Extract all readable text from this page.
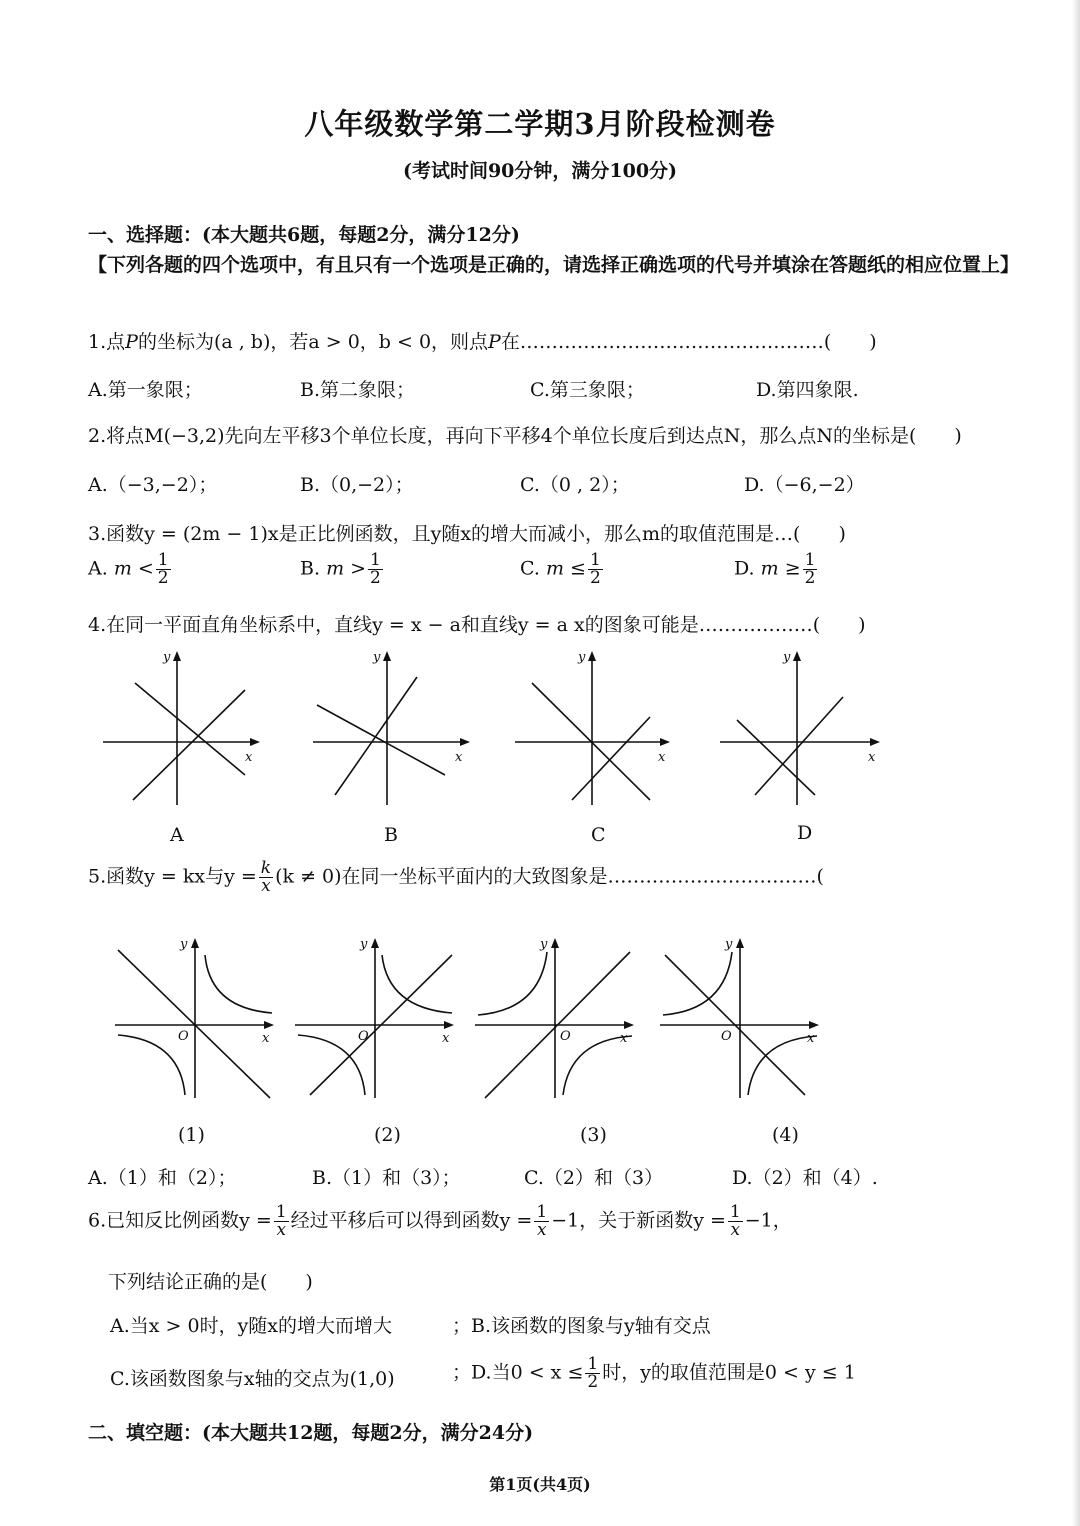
八年级数学第二学期3月阶段检测卷
(考试时间90分钟，满分100分)
一、选择题：(本大题共6题，每题2分，满分12分)
【下列各题的四个选项中，有且只有一个选项是正确的，请选择正确选项的代号并填涂在答题纸的相应位置上】
1.点P的坐标为(a , b)，若a > 0，b < 0，则点P在…………………………………………(　　)
A.第一象限；	B.第二象限；	C.第三象限；	D.第四象限.
2.将点M(−3,2)先向左平移3个单位长度，再向下平移4个单位长度后到达点N，那么点N的坐标是(　　)
A.（−3,−2）；	B.（0,−2）；	C.（0 , 2）；	D.（−6,−2）
3.函数y = (2m − 1)x是正比例函数，且y随x的增大而减小，那么m的取值范围是…(　　)
A. $m < \frac{1}{2}$	B. $m > \frac{1}{2}$	C. $m \le \frac{1}{2}$	D. $m \ge \frac{1}{2}$
4.在同一平面直角坐标系中，直线y = x − a和直线y = a x的图象可能是………………(　　)
x
y
x
y
x
y
x
y
A	B	C	D
5.函数y = kx与$y = \frac{k}{x} (k \ne 0)$在同一坐标平面内的大致图象是……………………………(
O	x
y
O	x
y
O	x
y
O	x
y
(1)	(2)	(3)	(4)
A.（1）和（2）；	B.（1）和（3）；	C.（2）和（3）	D.（2）和（4）.
6.已知反比例函数$y = \frac{1}{x}$ 经过平移后可以得到函数$y = \frac{1}{x} -1$，关于新函数$y = \frac{1}{x} -1$，
下列结论正确的是(　　)
A.当x > 0时，y随x的增大而增大	；B.该函数的图象与y轴有交点
C.该函数图象与x轴的交点为(1,0)	；D.当$0 < x \le \frac{1}{2}$ 时，y的取值范围是0 < y ≤ 1
二、填空题：(本大题共12题，每题2分，满分24分)
第1页(共4页)
